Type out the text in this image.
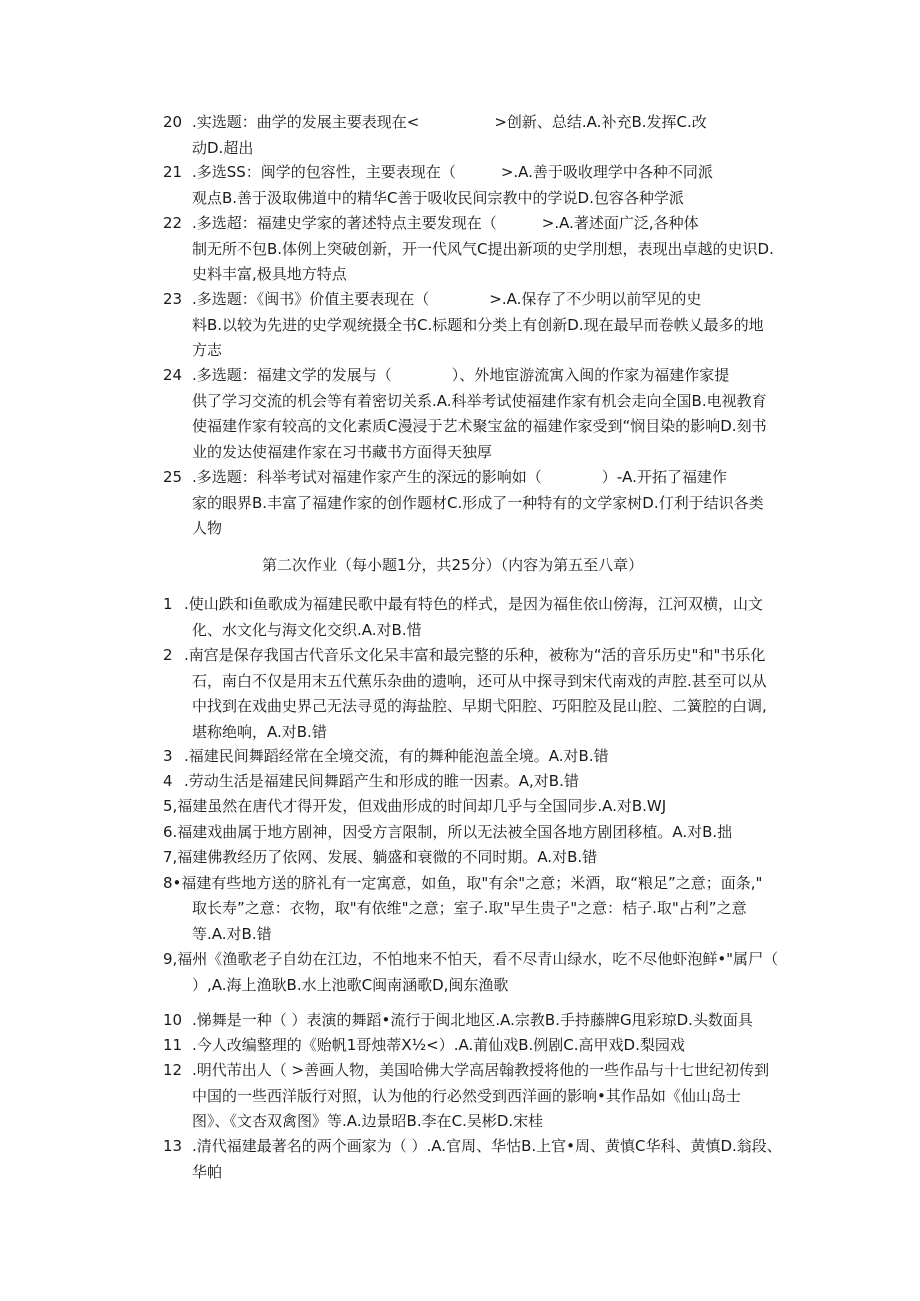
20 .实选题：曲学的发展主要表现在<　　　　　>创新、总结.A.补充B.发挥C.改
动D.超出
21 .多选SS：闽学的包容性，主要表现在（　　　>.A.善于吸收理学中各种不同派
观点B.善于汲取佛道中的精华C善于吸收民间宗教中的学说D.包容各种学派
22 .多选超：福建史学家的著述特点主要发现在（　　　>.A.著述面广泛,各种体
制无所不包B.体例上突破创新，开一代风气C提出新项的史学刖想，表现出卓越的史识D.
史料丰富,极具地方特点
23 .多选题：《闽书》价值主要表现在（　　　　>.A.保存了不少明以前罕见的史
料B.以较为先进的史学观统摄全书C.标题和分类上有创新D.现在最早而卷帙乂最多的地
方志
24 .多选题：福建文学的发展与（　　　　）、外地宦游流寓入闽的作家为福建作家提
供了学习交流的机会等有着密切关系.A.科举考试使福建作家有机会走向全国B.电视教育
使福建作家有较高的文化素质C漫浸于艺术聚宝盆的福建作家受到“悯目染的影响D.刻书
业的发达使福建作家在习书藏书方面得天独厚
25 .多选题：科举考试对福建作家产生的深远的影响如（　　　　）-A.开拓了福建作
家的眼界B.丰富了福建作家的创作题材C.形成了一种特有的文学家树D.仃利于结识各类
人物
第二次作业（每小题1分，共25分）（内容为第五至八章）
1 .使山跌和i鱼歌成为福建民歌中最有特色的样式，是因为福隹依山傍海，江河双横，山文
化、水文化与海文化交织.A.对B.惜
2 .南宫是保存我国古代音乐文化呆丰富和最完整的乐种，被称为“活的音乐历史"和"书乐化
石，南白不仅是用末五代蕉乐杂曲的遗响，还可从中探寻到宋代南戏的声腔.甚至可以从
中找到在戏曲史界己无法寻觅的海盐腔、早期弋阳腔、巧阳腔及昆山腔、二簧腔的白调,
堪称绝响，A.对B.错
3 .福建民间舞蹈经常在全境交流，有的舞种能泡盖全境。A.对B.错
4 .劳动生活是福建民间舞蹈产生和形成的睢一因素。A,对B.错
5,福建虽然在唐代才得开发，但戏曲形成的时间却几乎与全国同步.A.对B.WJ
6.福建戏曲属于地方剧神，因受方言限制，所以无法被全国各地方剧团移植。A.对B.拙
7,福建佛教经历了依网、发展、躺盛和衰微的不同时期。A.对B.错
8•福建有些地方送的脐礼有一定寓意，如鱼，取"有余"之意；米酒，取“粮足”之意；面条,"
取长寿”之意：衣物，取"有依维"之意；室子.取"早生贵子"之意：桔子.取"占利”之意
等.A.对B.错
9,福州《渔歌老子自幼在江边，不怕地来不怕天，看不尽青山绿水，吃不尽他虾泡鲜•"属尸（
）,A.海上渔耿B.水上池歌C闽南涵歌D,闽东渔歌
10 .悌舞是一种（ ）表演的舞蹈•流行于闽北地区.A.宗教B.手持藤牌G甩彩琼D.头数面具
11 .今人改编整理的《贻帆1哥烛蒂X½<）.A.莆仙戏B.例剧C.高甲戏D.梨园戏
12 .明代芾出人（ >善画人物，美国哈佛大学高居翰教授将他的一些作品与十七世纪初传到
中国的一些西洋版行对照，认为他的行必然受到西洋画的影响•其作品如《仙山岛士
图》、《文杏双禽图》等.A.边景昭B.李在C.吴彬D.宋桂
13 .清代福建最著名的两个画家为（ ）.A.官周、华怙B.上官•周、黄慎C华科、黄慎D.翁段、
华帕
